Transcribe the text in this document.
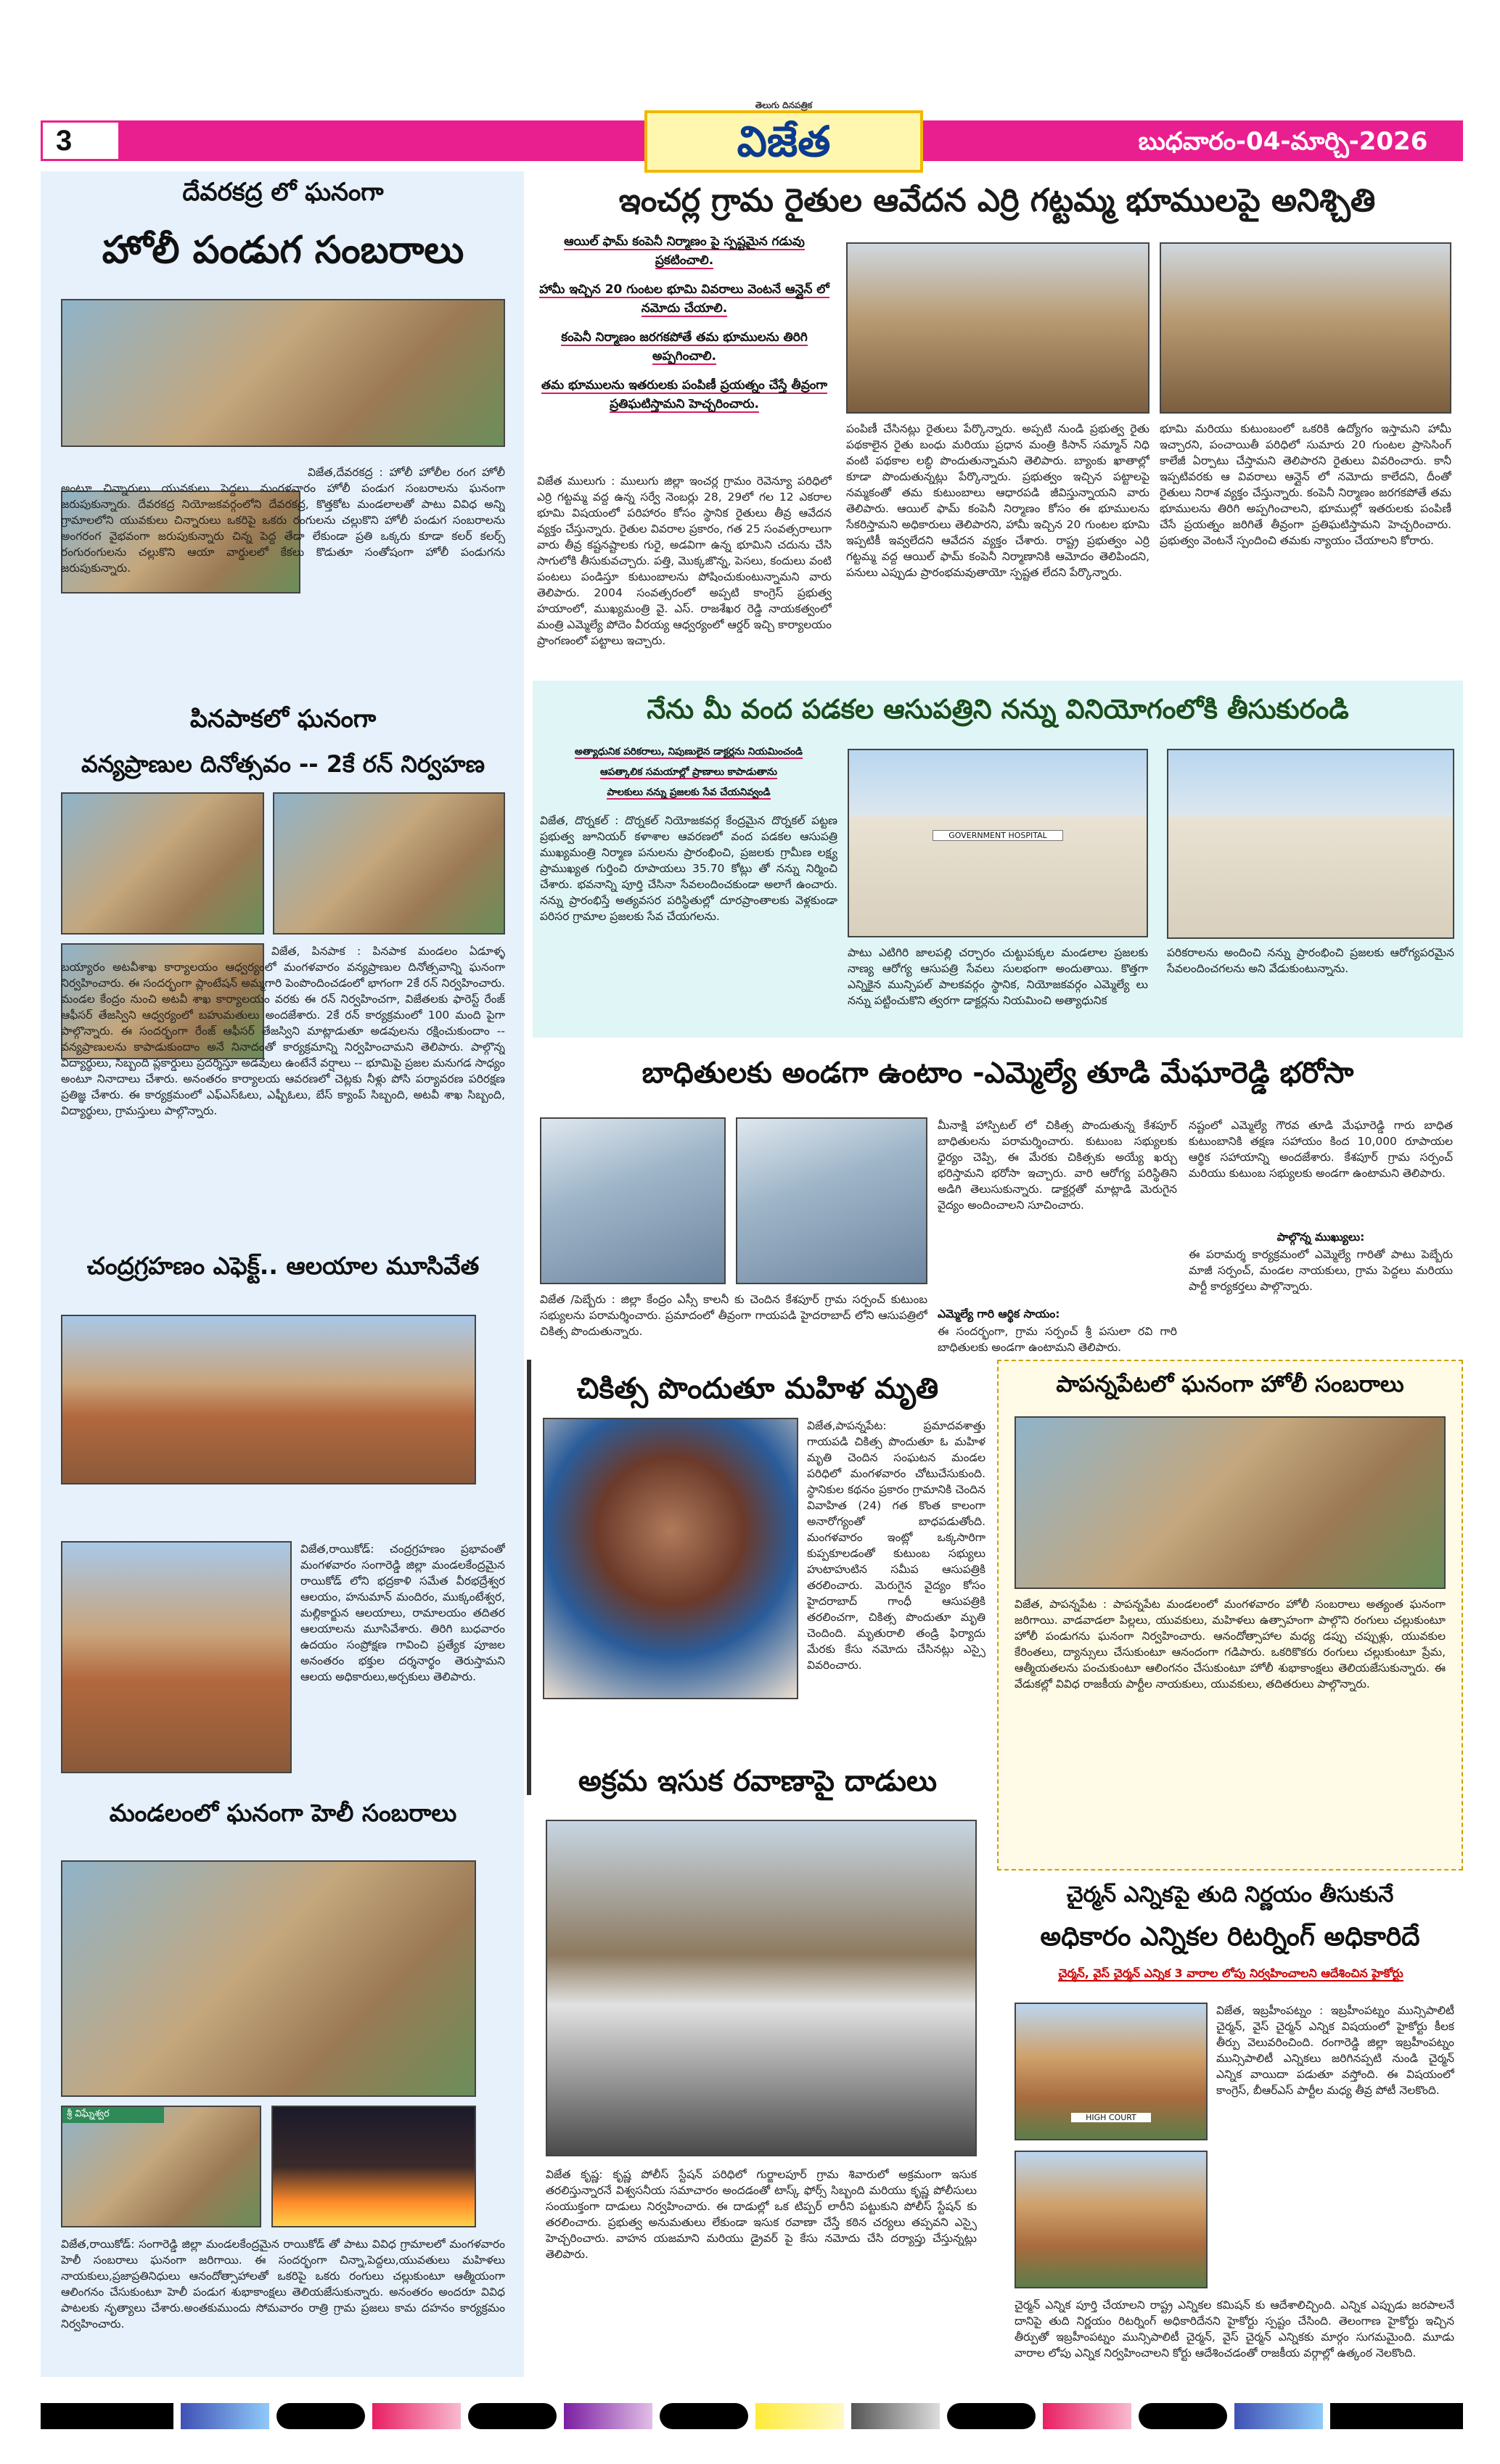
3
తెలుగు దినపత్రిక
విజేత	బుధవారం-04-మార్చి-2026
దేవరకద్ర లో ఘనంగా
హోలీ పండుగ సంబరాలు
విజేత,దేవరకద్ర : హోలీ హోలీల రంగ హోలీ అంటూ చిన్నారులు యువకులు పెద్దలు మంగళవారం హోలీ పండుగ సంబరాలను ఘనంగా జరుపుకున్నారు. దేవరకద్ర నియోజకవర్గంలోని దేవరకద్ర, కొత్తకోట మండలాలతో పాటు వివిధ అన్ని గ్రామాలలోని యువకులు చిన్నారులు ఒకరిపై ఒకరు రంగులను చల్లుకొని హోలీ పండుగ సంబరాలను అంగరంగ వైభవంగా జరుపుకున్నారు చిన్న పెద్ద తేడా లేకుండా ప్రతి ఒక్కరు కూడా కలర్ కలర్స్ రంగురంగులను చల్లుకొని ఆయా వార్డులలో కేకలు కొడుతూ సంతోషంగా హోలీ పండుగను జరుపుకున్నారు.
పినపాకలో ఘనంగా
వన్యప్రాణుల దినోత్సవం -- 2కే రన్ నిర్వహణ
విజేత, పినపాక : పినపాక మండలం ఏడూళ్ళ బయ్యారం అటవీశాఖ కార్యాలయం ఆధ్వర్యంలో మంగళవారం వన్యప్రాణుల దినోత్సవాన్ని ఘనంగా నిర్వహించారు. ఈ సందర్భంగా ప్లాంటేషన్ అమ్మగారి పెంపొందించడంలో భాగంగా 2కే రన్ నిర్వహించారు. మండల కేంద్రం నుంచి అటవీ శాఖ కార్యాలయం వరకు ఈ రన్ నిర్వహించగా, విజేతలకు ఫారెస్ట్ రేంజ్ ఆఫీసర్ తేజస్విని ఆధ్వర్యంలో బహుమతులు అందజేశారు. 2కే రన్ కార్యక్రమంలో 100 మంది పైగా పాల్గొన్నారు. ఈ సందర్భంగా రేంజ్ ఆఫీసర్ తేజస్విని మాట్లాడుతూ అడవులను రక్షించుకుందాం -- వన్యప్రాణులను కాపాడుకుందాం అనే నినాదంతో కార్యక్రమాన్ని నిర్వహించామని తెలిపారు. పాల్గొన్న విద్యార్థులు, సిబ్బంది ప్లకార్డులు ప్రదర్శిస్తూ అడవులు ఉంటేనే వర్షాలు -- భూమిపై ప్రజల మనుగడ సాధ్యం అంటూ నినాదాలు చేశారు. అనంతరం కార్యాలయ ఆవరణలో చెట్లకు నీళ్లు పోసి పర్యావరణ పరిరక్షణ ప్రతిజ్ఞ చేశారు. ఈ కార్యక్రమంలో ఎఫ్ఎస్ఓలు, ఎఫ్బీఓలు, బేస్ క్యాంప్ సిబ్బంది, అటవీ శాఖ సిబ్బంది, విద్యార్థులు, గ్రామస్తులు పాల్గొన్నారు.
చంద్రగ్రహణం ఎఫెక్ట్.. ఆలయాల మూసివేత
విజేత,రాయికోడ్: చంద్రగ్రహణం ప్రభావంతో మంగళవారం సంగారెడ్డి జిల్లా మండలకేంద్రమైన రాయికోడ్ లోని భద్రకాళి సమేత వీరభద్రేశ్వర ఆలయం, హనుమాన్ మందిరం, ముక్కంటేశ్వర, మల్లికార్జున ఆలయాలు, రామాలయం తదితర ఆలయాలను మూసివేశారు. తిరిగి బుధవారం ఉదయం సంప్రోక్షణ గావించి ప్రత్యేక పూజల అనంతరం భక్తుల దర్శనార్థం తెరుస్తామని ఆలయ అధికారులు,అర్చకులు తెలిపారు.
మండలంలో ఘనంగా హెలీ సంబరాలు
శ్రీ విఘ్నేశ్వర
విజేత,రాయికోడ్: సంగారెడ్డి జిల్లా మండలకేంద్రమైన రాయికోడ్ తో పాటు వివిధ గ్రామాలలో మంగళవారం హెలీ సంబరాలు ఘనంగా జరిగాయి. ఈ సందర్భంగా చిన్నా,పెద్దలు,యువతులు మహిళలు నాయకులు,ప్రజాప్రతినిధులు ఆనందోత్సాహాలతో ఒకరిపై ఒకరు రంగులు చల్లుకుంటూ ఆత్మీయంగా ఆలింగనం చేసుకుంటూ హెలీ పండుగ శుభాకాంక్షలు తెలియజేసుకున్నారు. అనంతరం అందరూ వివిధ పాటలకు నృత్యాలు చేశారు.అంతకుముందు సోమవారం రాత్రి గ్రామ ప్రజలు కామ దహనం కార్యక్రమం నిర్వహించారు.
ఇంచర్ల గ్రామ రైతుల ఆవేదన ఎర్రి గట్టమ్మ భూములపై అనిశ్చితి
ఆయిల్ ఫామ్ కంపెనీ నిర్మాణం పై స్పష్టమైన గడువు ప్రకటించాలి.
హామీ ఇచ్చిన 20 గుంటల భూమి వివరాలు వెంటనే ఆన్లైన్ లో నమోదు చేయాలి.
కంపెనీ నిర్మాణం జరగకపోతే తమ భూములను తిరిగి అప్పగించాలి.
తమ భూములను ఇతరులకు పంపిణీ ప్రయత్నం చేస్తే తీవ్రంగా ప్రతిఘటిస్తామని హెచ్చరించారు.
విజేత ములుగు : ములుగు జిల్లా ఇంచర్ల గ్రామం రెవెన్యూ పరిధిలో ఎర్రి గట్టమ్మ వద్ద ఉన్న సర్వే నెంబర్లు 28, 29లో గల 12 ఎకరాల భూమి విషయంలో పరిహారం కోసం స్థానిక రైతులు తీవ్ర ఆవేదన వ్యక్తం చేస్తున్నారు. రైతుల వివరాల ప్రకారం, గత 25 సంవత్సరాలుగా వారు తీవ్ర కష్టనష్టాలకు గురై, అడవిగా ఉన్న భూమిని చదును చేసి సాగులోకి తీసుకువచ్చారు. పత్తి, మొక్కజొన్న, పెసలు, కందులు వంటి పంటలు పండిస్తూ కుటుంబాలను పోషించుకుంటున్నామని వారు తెలిపారు. 2004 సంవత్సరంలో అప్పటి కాంగ్రెస్ ప్రభుత్వ హయాంలో, ముఖ్యమంత్రి వై. ఎస్. రాజశేఖర రెడ్డి నాయకత్వంలో మంత్రి ఎమ్మెల్యే పోదెం వీరయ్య ఆధ్వర్యంలో ఆర్డర్ ఇచ్చి కార్యాలయం ప్రాంగణంలో పట్టాలు ఇచ్చారు.
పంపిణీ చేసినట్లు రైతులు పేర్కొన్నారు. అప్పటి నుండి ప్రభుత్వ రైతు పథకాలైన రైతు బంధు మరియు ప్రధాన మంత్రి కిసాన్ సమ్మాన్ నిధి వంటి పథకాల లబ్ధి పొందుతున్నామని తెలిపారు. బ్యాంకు ఖాతాల్లో కూడా పొందుతున్నట్లు పేర్కొన్నారు. ప్రభుత్వం ఇచ్చిన పట్టాలపై నమ్మకంతో తమ కుటుంబాలు ఆధారపడి జీవిస్తున్నాయని వారు తెలిపారు. ఆయిల్ ఫామ్ కంపెనీ నిర్మాణం కోసం ఈ భూములను సేకరిస్తామని అధికారులు తెలిపారని, హామీ ఇచ్చిన 20 గుంటల భూమి ఇప్పటికీ ఇవ్వలేదని ఆవేదన వ్యక్తం చేశారు. రాష్ట్ర ప్రభుత్వం ఎర్రి గట్టమ్మ వద్ద ఆయిల్ ఫామ్ కంపెనీ నిర్మాణానికి ఆమోదం తెలిపిందని, పనులు ఎప్పుడు ప్రారంభమవుతాయో స్పష్టత లేదని పేర్కొన్నారు.
భూమి మరియు కుటుంబంలో ఒకరికి ఉద్యోగం ఇస్తామని హామీ ఇచ్చారని, పంచాయితీ పరిధిలో సుమారు 20 గుంటల ప్రాసెసింగ్ కాలేజీ ఏర్పాటు చేస్తామని తెలిపారని రైతులు వివరించారు. కానీ ఇప్పటివరకు ఆ వివరాలు ఆన్లైన్ లో నమోదు కాలేదని, దీంతో రైతులు నిరాశ వ్యక్తం చేస్తున్నారు. కంపెనీ నిర్మాణం జరగకపోతే తమ భూములను తిరిగి అప్పగించాలని, భూముల్లో ఇతరులకు పంపిణీ చేసే ప్రయత్నం జరిగితే తీవ్రంగా ప్రతిఘటిస్తామని హెచ్చరించారు. ప్రభుత్వం వెంటనే స్పందించి తమకు న్యాయం చేయాలని కోరారు.
నేను మీ వంద పడకల ఆసుపత్రిని నన్ను వినియోగంలోకి తీసుకురండి
అత్యాధునిక పరికరాలు, నిపుణులైన డాక్టర్లను నియమించండి
ఆపత్కాలిక సమయాల్లో ప్రాణాలు కాపాడుతాను
పాలకులు నన్ను ప్రజలకు సేవ చేయనివ్వండి
విజేత, దొర్నకల్ : దొర్నకల్ నియోజకవర్గ కేంద్రమైన దొర్నకల్ పట్టణ ప్రభుత్వ జూనియర్ కళాశాల ఆవరణలో వంద పడకల ఆసుపత్రి ముఖ్యమంత్రి నిర్మాణ పనులను ప్రారంభించి, ప్రజలకు గ్రామీణ లక్ష్య ప్రాముఖ్యత గుర్తించి రూపాయలు 35.70 కోట్లు తో నన్ను నిర్మించి చేశారు. భవనాన్ని పూర్తి చేసినా సేవలందించకుండా అలాగే ఉంచారు. నన్ను ప్రారంభిస్తే అత్యవసర పరిస్థితుల్లో దూరప్రాంతాలకు వెళ్లకుండా పరిసర గ్రామాల ప్రజలకు సేవ చేయగలను.
GOVERNMENT HOSPITAL
పాటు ఎటిగిరి జాలపల్లి చర్చారం చుట్టుపక్కల మండలాల ప్రజలకు నాణ్య ఆరోగ్య ఆసుపత్రి సేవలు సులభంగా అందుతాయి. కొత్తగా ఎన్నికైన మున్సిపల్ పాలకవర్గం స్థానిక, నియోజకవర్గం ఎమ్మెల్యే లు నన్ను పట్టించుకొని త్వరగా డాక్టర్లను నియమించి అత్యాధునిక
పరికరాలను అందించి నన్ను ప్రారంభించి ప్రజలకు ఆరోగ్యపరమైన సేవలందించగలను అని వేడుకుంటున్నాను.
బాధితులకు అండగా ఉంటాం -ఎమ్మెల్యే తూడి మేఘారెడ్డి భరోసా
విజేత /పెబ్బేరు : జిల్లా కేంద్రం ఎస్సీ కాలనీ కు చెందిన కేశపూర్ గ్రామ సర్పంచ్ కుటుంబ సభ్యులను పరామర్శించారు. ప్రమాదంలో తీవ్రంగా గాయపడి హైదరాబాద్ లోని ఆసుపత్రిలో చికిత్స పొందుతున్నారు.
మీనాక్షి హాస్పిటల్ లో చికిత్స పొందుతున్న కేశపూర్ బాధితులను పరామర్శించారు. కుటుంబ సభ్యులకు ధైర్యం చెప్పి, ఈ మేరకు చికిత్సకు అయ్యే ఖర్చు భరిస్తామని భరోసా ఇచ్చారు. వారి ఆరోగ్య పరిస్థితిని అడిగి తెలుసుకున్నారు. డాక్టర్లతో మాట్లాడి మెరుగైన వైద్యం అందించాలని సూచించారు.
ఎమ్మెల్యే గారి ఆర్థిక సాయం:
ఈ సందర్భంగా, గ్రామ సర్పంచ్ శ్రీ పసులా రవి గారి బాధితులకు అండగా ఉంటామని తెలిపారు.
నష్టంలో ఎమ్మెల్యే గౌరవ తూడి మేఘారెడ్డి గారు బాధిత కుటుంబానికి తక్షణ సహాయం కింద 10,000 రూపాయల ఆర్థిక సహాయాన్ని అందజేశారు. కేశపూర్ గ్రామ సర్పంచ్ మరియు కుటుంబ సభ్యులకు అండగా ఉంటామని తెలిపారు.
పాల్గొన్న ముఖ్యులు:
ఈ పరామర్శ కార్యక్రమంలో ఎమ్మెల్యే గారితో పాటు పెబ్బేరు మాజీ సర్పంచ్, మండల నాయకులు, గ్రామ పెద్దలు మరియు పార్టీ కార్యకర్తలు పాల్గొన్నారు.
చికిత్స పొందుతూ మహిళ మృతి
విజేత,పాపన్నపేట: ప్రమాదవశాత్తు గాయపడి చికిత్స పొందుతూ ఓ మహిళ మృతి చెందిన సంఘటన మండల పరిధిలో మంగళవారం చోటుచేసుకుంది. స్థానికుల కథనం ప్రకారం గ్రామానికి చెందిన వివాహిత (24) గత కొంత కాలంగా అనారోగ్యంతో బాధపడుతోంది. మంగళవారం ఇంట్లో ఒక్కసారిగా కుప్పకూలడంతో కుటుంబ సభ్యులు హుటాహుటిన సమీప ఆసుపత్రికి తరలించారు. మెరుగైన వైద్యం కోసం హైదరాబాద్ గాంధీ ఆసుపత్రికి తరలించగా, చికిత్స పొందుతూ మృతి చెందింది. మృతురాలి తండ్రి ఫిర్యాదు మేరకు కేసు నమోదు చేసినట్లు ఎస్సై వివరించారు.
అక్రమ ఇసుక రవాణాపై దాడులు
విజేత కృష్ణ: కృష్ణ పోలీస్ స్టేషన్ పరిధిలో గుర్జాలపూర్ గ్రామ శివారులో అక్రమంగా ఇసుక తరలిస్తున్నారనే విశ్వసనీయ సమాచారం అందడంతో టాస్క్ ఫోర్స్ సిబ్బంది మరియు కృష్ణ పోలీసులు సంయుక్తంగా దాడులు నిర్వహించారు. ఈ దాడుల్లో ఒక టిప్పర్ లారీని పట్టుకుని పోలీస్ స్టేషన్ కు తరలించారు. ప్రభుత్వ అనుమతులు లేకుండా ఇసుక రవాణా చేస్తే కఠిన చర్యలు తప్పవని ఎస్సై హెచ్చరించారు. వాహన యజమాని మరియు డ్రైవర్ పై కేసు నమోదు చేసి దర్యాప్తు చేస్తున్నట్లు తెలిపారు.
పాపన్నపేటలో ఘనంగా హోలీ సంబరాలు
విజేత, పాపన్నపేట : పాపన్నపేట మండలంలో మంగళవారం హోలీ సంబరాలు అత్యంత ఘనంగా జరిగాయి. వాడవాడలా పిల్లలు, యువకులు, మహిళలు ఉత్సాహంగా పాల్గొని రంగులు చల్లుకుంటూ హోలీ పండుగను ఘనంగా నిర్వహించారు. ఆనందోత్సాహాల మధ్య డప్పు చప్పుళ్లు, యువకుల కేరింతలు, ద్యాన్సులు చేసుకుంటూ ఆనందంగా గడిపారు. ఒకరికొకరు రంగులు చల్లుకుంటూ ప్రేమ, ఆత్మీయతలను పంచుకుంటూ ఆలింగనం చేసుకుంటూ హోలీ శుభాకాంక్షలు తెలియజేసుకున్నారు. ఈ వేడుకల్లో వివిధ రాజకీయ పార్టీల నాయకులు, యువకులు, తదితరులు పాల్గొన్నారు.
చైర్మన్ ఎన్నికపై తుది నిర్ణయం తీసుకునే
అధికారం ఎన్నికల రిటర్నింగ్ అధికారిదే
చైర్మన్, వైస్ చైర్మన్ ఎన్నిక 3 వారాల లోపు నిర్వహించాలని ఆదేశించిన హైకోర్టు
HIGH COURT
విజేత, ఇబ్రహీంపట్నం : ఇబ్రహీంపట్నం మున్సిపాలిటీ చైర్మన్, వైస్ చైర్మన్ ఎన్నిక విషయంలో హైకోర్టు కీలక తీర్పు వెలువరించింది. రంగారెడ్డి జిల్లా ఇబ్రహీంపట్నం మున్సిపాలిటీ ఎన్నికలు జరిగినప్పటి నుండి చైర్మన్ ఎన్నిక వాయిదా పడుతూ వస్తోంది. ఈ విషయంలో కాంగ్రెస్, బీఆర్ఎస్ పార్టీల మధ్య తీవ్ర పోటీ నెలకొంది.
చైర్మన్ ఎన్నిక పూర్తి చేయాలని రాష్ట్ర ఎన్నికల కమిషన్ కు ఆదేశాలిచ్చింది. ఎన్నిక ఎప్పుడు జరపాలనే దానిపై తుది నిర్ణయం రిటర్నింగ్ అధికారిదేనని హైకోర్టు స్పష్టం చేసింది. తెలంగాణ హైకోర్టు ఇచ్చిన తీర్పుతో ఇబ్రహీంపట్నం మున్సిపాలిటీ చైర్మన్, వైస్ చైర్మన్ ఎన్నికకు మార్గం సుగమమైంది. మూడు వారాల లోపు ఎన్నిక నిర్వహించాలని కోర్టు ఆదేశించడంతో రాజకీయ వర్గాల్లో ఉత్కంఠ నెలకొంది.
